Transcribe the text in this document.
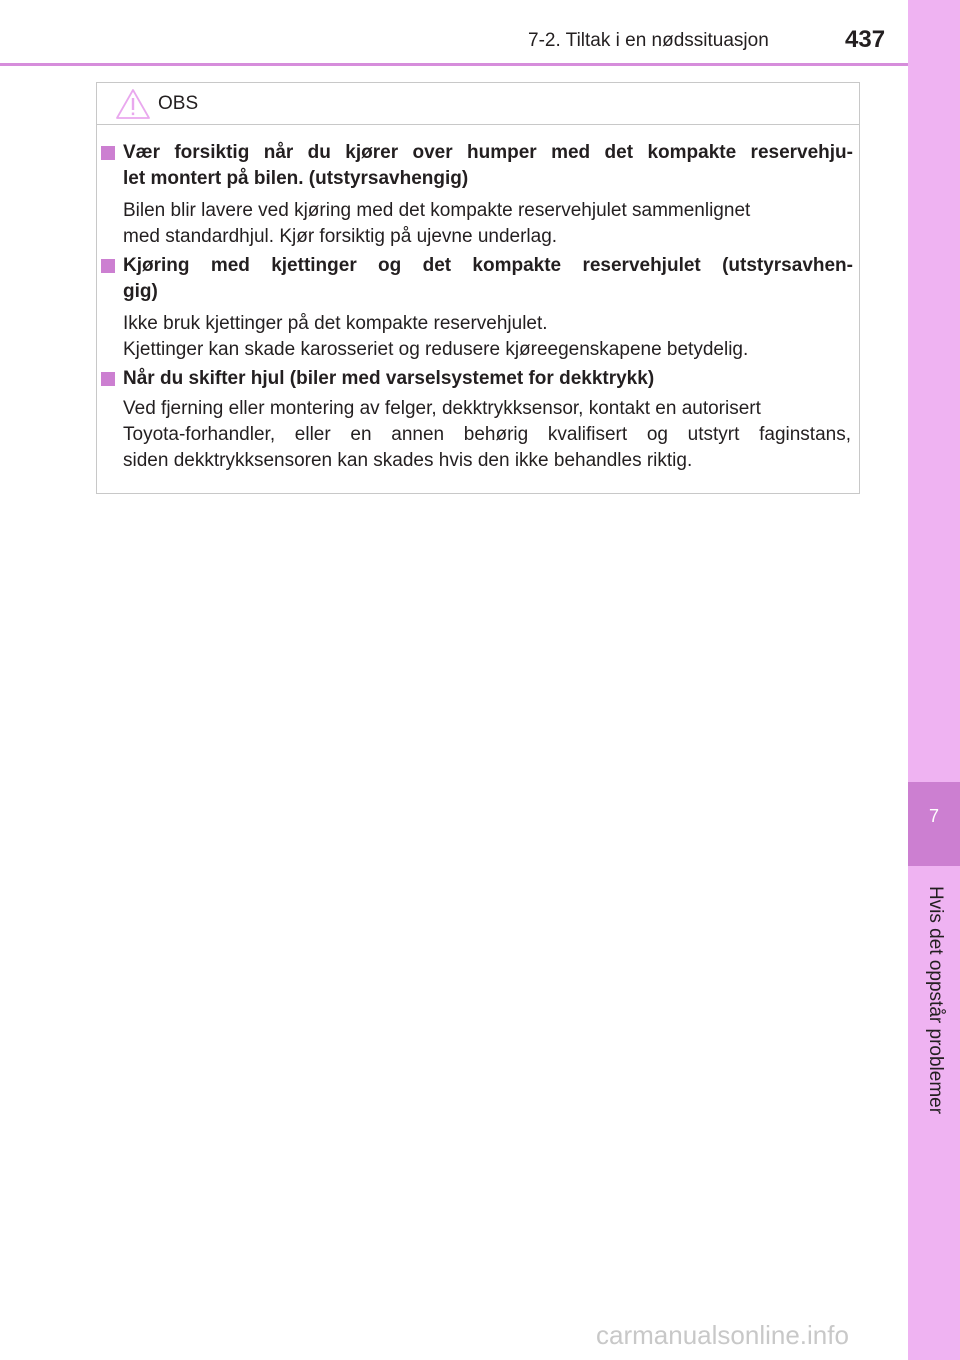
7
Hvis det oppstår problemer
7-2. Tiltak i en nødssituasjon	437
OBS
Vær forsiktig når du kjører over humper med det kompakte reservehju-
let montert på bilen. (utstyrsavhengig)
Bilen blir lavere ved kjøring med det kompakte reservehjulet sammenlignet
med standardhjul. Kjør forsiktig på ujevne underlag.
Kjøring med kjettinger og det kompakte reservehjulet (utstyrsavhen-
gig)
Ikke bruk kjettinger på det kompakte reservehjulet.
Kjettinger kan skade karosseriet og redusere kjøreegenskapene betydelig.
Når du skifter hjul (biler med varselsystemet for dekktrykk)
Ved fjerning eller montering av felger, dekktrykksensor, kontakt en autorisert
Toyota-forhandler, eller en annen behørig kvalifisert og utstyrt faginstans,
siden dekktrykksensoren kan skades hvis den ikke behandles riktig.
carmanualsonline.info
